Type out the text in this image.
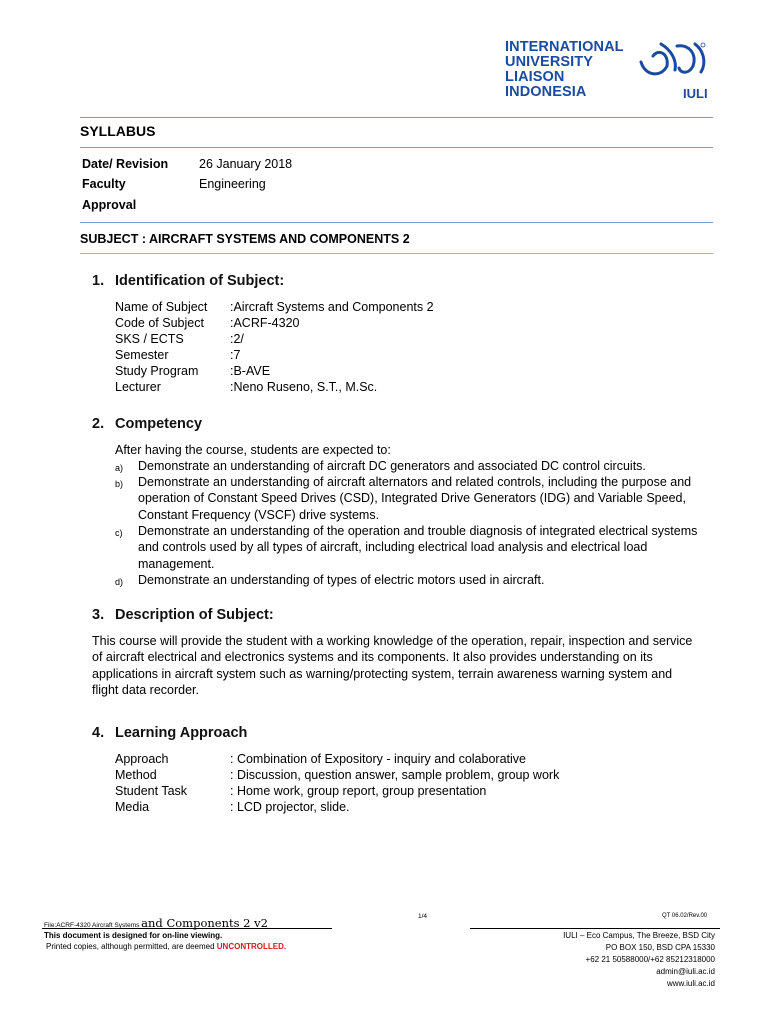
INTERNATIONAL
UNIVERSITY
LIAISON
INDONESIA	IULI
SYLLABUS
Date/ Revision 26 January 2018
Faculty	Engineering
Approval
SUBJECT : AIRCRAFT SYSTEMS AND COMPONENTS 2
1. Identification of Subject:
Name of Subject :Aircraft Systems and Components 2
Code of Subject :ACRF-4320
SKS / ECTS	:2/
Semester	:7
Study Program	:B-AVE
Lecturer	:Neno Ruseno, S.T., M.Sc.
2. Competency
After having the course, students are expected to:
a) Demonstrate an understanding of aircraft DC generators and associated DC control circuits.
b) Demonstrate an understanding of aircraft alternators and related controls, including the purpose and operation of Constant Speed Drives (CSD), Integrated Drive Generators (IDG) and Variable Speed, Constant Frequency (VSCF) drive systems.
c) Demonstrate an understanding of the operation and trouble diagnosis of integrated electrical systems and controls used by all types of aircraft, including electrical load analysis and electrical load management.
d) Demonstrate an understanding of types of electric motors used in aircraft.
3. Description of Subject:
This course will provide the student with a working knowledge of the operation, repair, inspection and service of aircraft electrical and electronics systems and its components. It also provides understanding on its applications in aircraft system such as warning/protecting system, terrain awareness warning system and flight data recorder.
4. Learning Approach
Approach	: Combination of Expository - inquiry and colaborative
Method	: Discussion, question answer, sample problem, group work
Student Task	: Home work, group report, group presentation
Media	: LCD projector, slide.
File:ACRF-4320 Aircraft Systems and Components 2 v2	1/4	QT 06.02/Rev.00
This document is designed for on-line viewing.
Printed copies, although permitted, are deemed UNCONTROLLED.
IULI – Eco Campus, The Breeze, BSD City
PO BOX 150, BSD CPA 15330
+62 21 50588000/+62 85212318000
admin@iuli.ac.id
www.iuli.ac.id
